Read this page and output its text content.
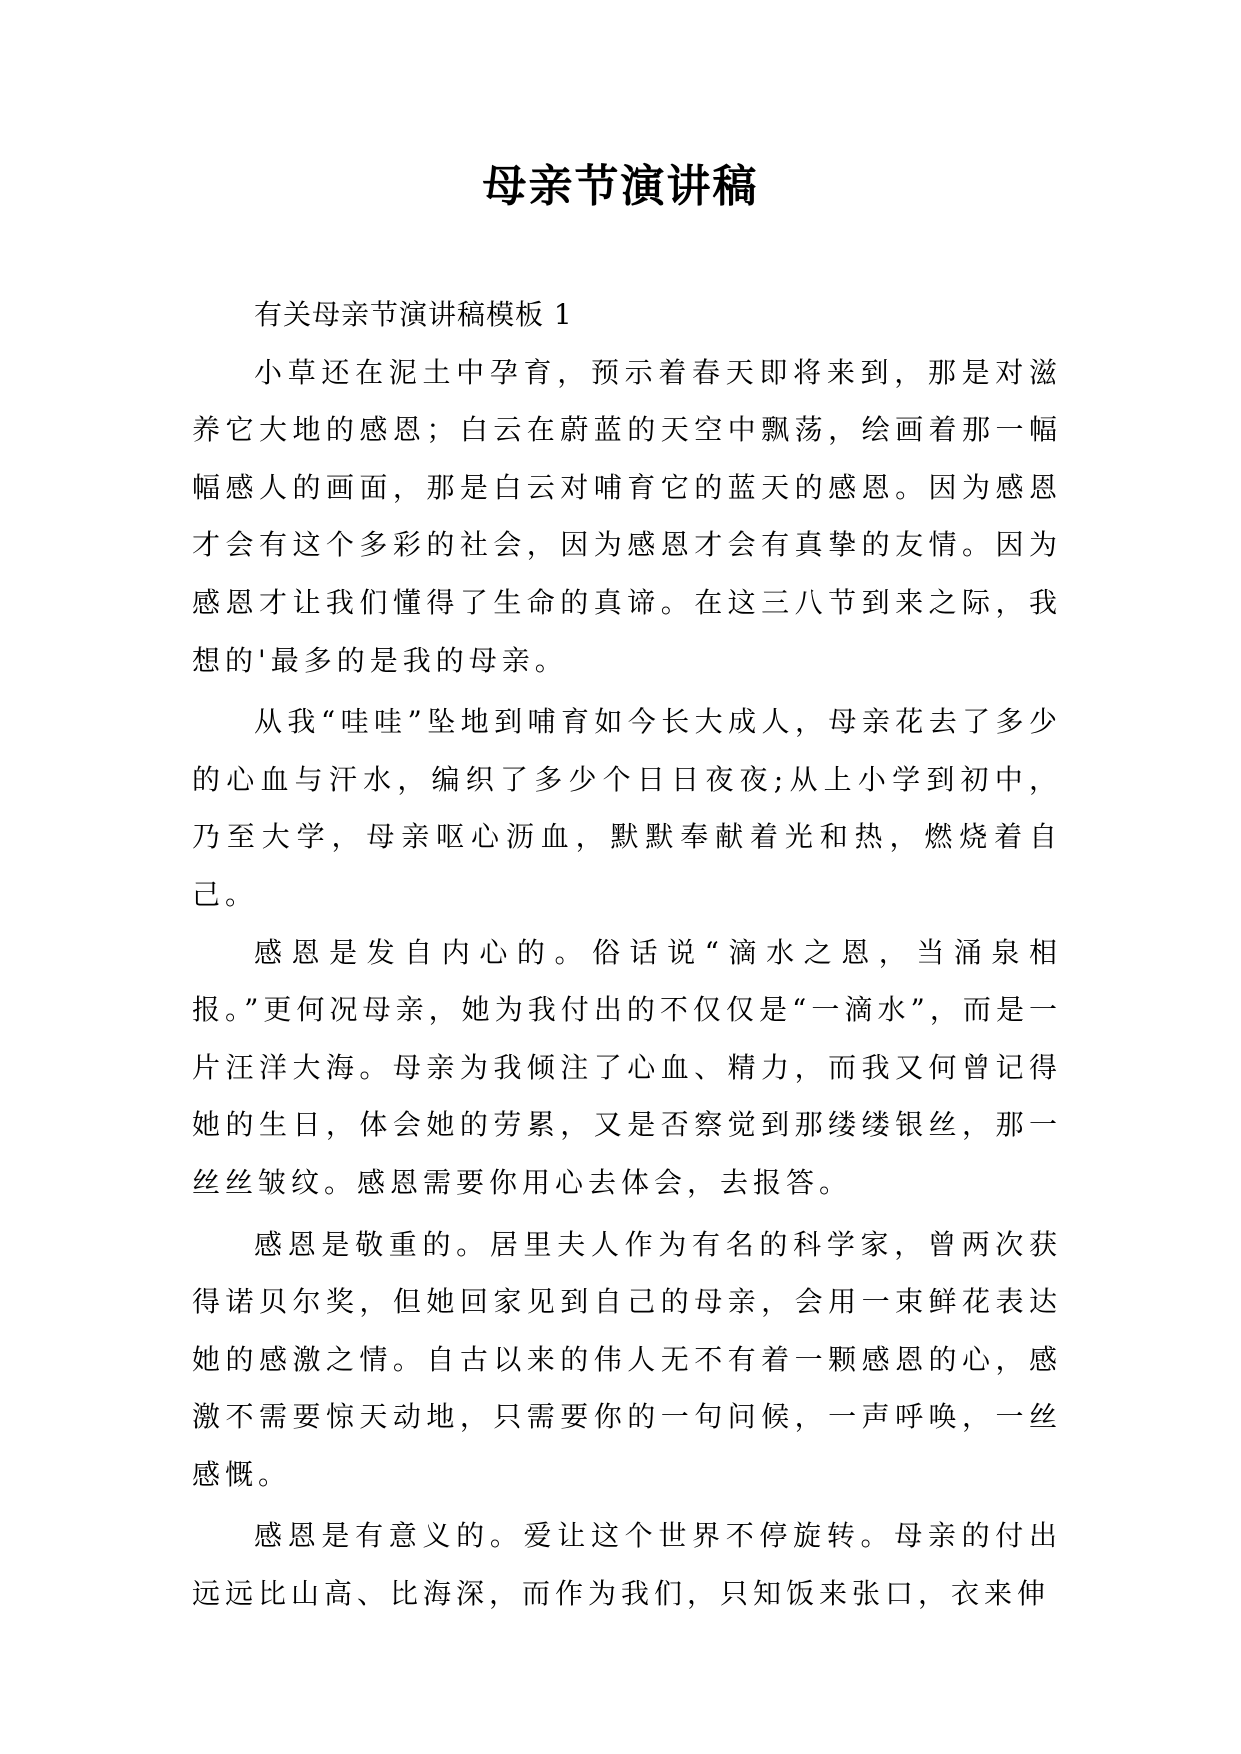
母亲节演讲稿

有关母亲节演讲稿模板 1

小草还在泥土中孕育，预示着春天即将来到，那是对滋养它大地的感恩；白云在蔚蓝的天空中飘荡，绘画着那一幅幅感人的画面，那是白云对哺育它的蓝天的感恩。因为感恩才会有这个多彩的社会，因为感恩才会有真挚的友情。因为感恩才让我们懂得了生命的真谛。在这三八节到来之际，我想的'最多的是我的母亲。

从我“哇哇”坠地到哺育如今长大成人，母亲花去了多少的心血与汗水，编织了多少个日日夜夜;从上小学到初中，乃至大学，母亲呕心沥血，默默奉献着光和热，燃烧着自己。

感恩是发自内心的。俗话说“滴水之恩，当涌泉相报。”更何况母亲，她为我付出的不仅仅是“一滴水”，而是一片汪洋大海。母亲为我倾注了心血、精力，而我又何曾记得她的生日，体会她的劳累，又是否察觉到那缕缕银丝，那一丝丝皱纹。感恩需要你用心去体会，去报答。

感恩是敬重的。居里夫人作为有名的科学家，曾两次获得诺贝尔奖，但她回家见到自己的母亲，会用一束鲜花表达她的感激之情。自古以来的伟人无不有着一颗感恩的心，感激不需要惊天动地，只需要你的一句问候，一声呼唤，一丝感慨。

感恩是有意义的。爱让这个世界不停旋转。母亲的付出远远比山高、比海深，而作为我们，只知饭来张口，衣来伸
